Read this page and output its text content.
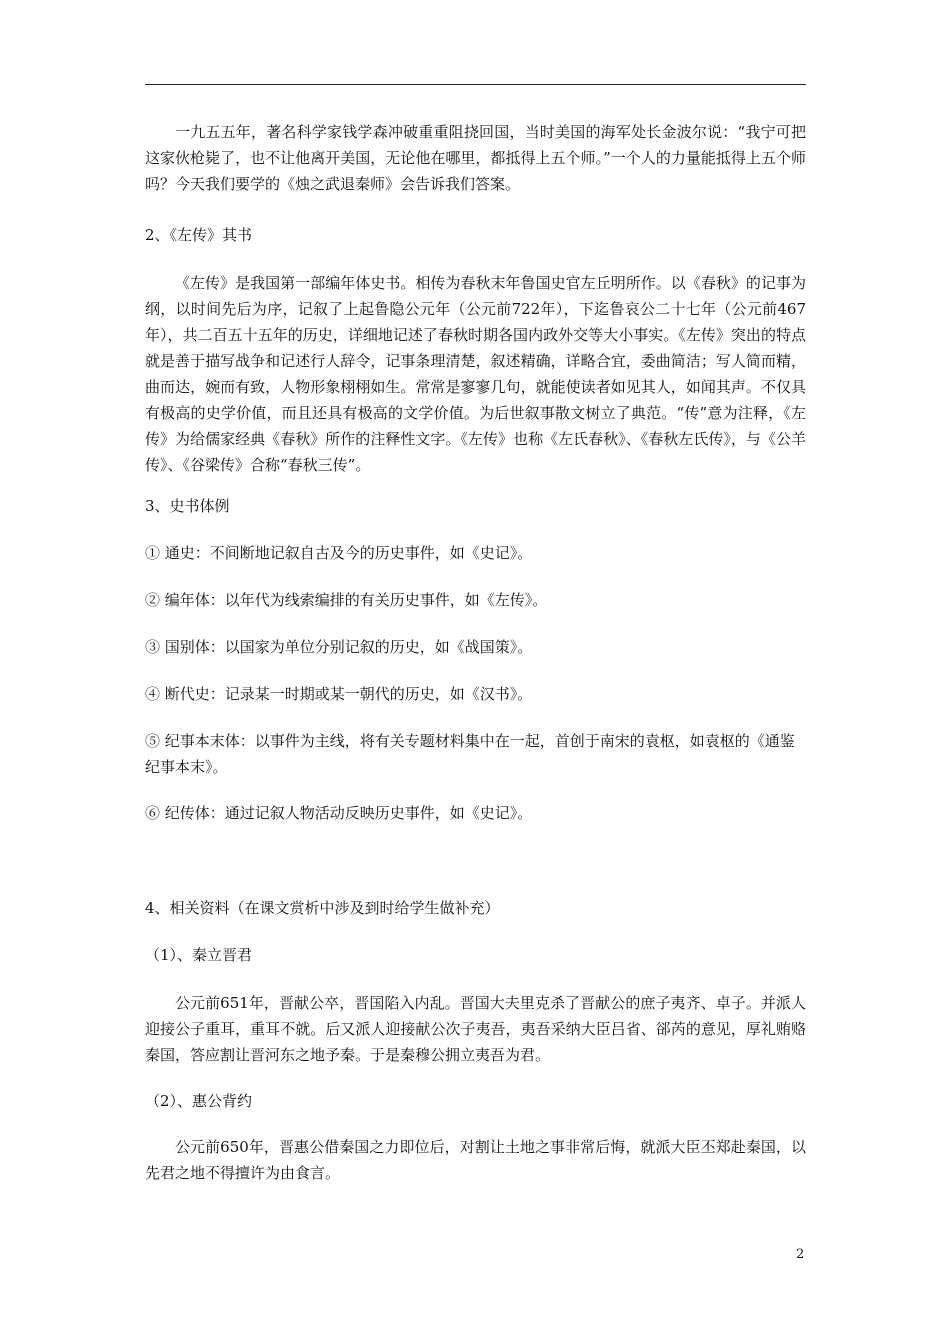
一九五五年，著名科学家钱学森冲破重重阻挠回国，当时美国的海军处长金波尔说：“我宁可把这家伙枪毙了，也不让他离开美国，无论他在哪里，都抵得上五个师。”一个人的力量能抵得上五个师吗？今天我们要学的《烛之武退秦师》会告诉我们答案。
2、《左传》其书
《左传》是我国第一部编年体史书。相传为春秋末年鲁国史官左丘明所作。以《春秋》的记事为纲，以时间先后为序，记叙了上起鲁隐公元年（公元前722年），下迄鲁哀公二十七年（公元前467年），共二百五十五年的历史，详细地记述了春秋时期各国内政外交等大小事实。《左传》突出的特点就是善于描写战争和记述行人辞令，记事条理清楚，叙述精确，详略合宜，委曲简洁；写人简而精，曲而达，婉而有致，人物形象栩栩如生。常常是寥寥几句，就能使读者如见其人，如闻其声。不仅具有极高的史学价值，而且还具有极高的文学价值。为后世叙事散文树立了典范。“传”意为注释，《左传》为给儒家经典《春秋》所作的注释性文字。《左传》也称《左氏春秋》、《春秋左氏传》，与《公羊传》、《谷梁传》合称“春秋三传”。
3、史书体例
① 通史：不间断地记叙自古及今的历史事件，如《史记》。
② 编年体：以年代为线索编排的有关历史事件，如《左传》。
③ 国别体：以国家为单位分别记叙的历史，如《战国策》。
④ 断代史：记录某一时期或某一朝代的历史，如《汉书》。
⑤ 纪事本末体：以事件为主线，将有关专题材料集中在一起，首创于南宋的袁枢，如袁枢的《通鉴纪事本末》。
⑥ 纪传体：通过记叙人物活动反映历史事件，如《史记》。
4、相关资料（在课文赏析中涉及到时给学生做补充）
（1）、秦立晋君
公元前651年，晋献公卒，晋国陷入内乱。晋国大夫里克杀了晋献公的庶子夷齐、卓子。并派人迎接公子重耳，重耳不就。后又派人迎接献公次子夷吾，夷吾采纳大臣吕省、郤芮的意见，厚礼贿赂秦国，答应割让晋河东之地予秦。于是秦穆公拥立夷吾为君。
（2）、惠公背约
公元前650年，晋惠公借秦国之力即位后，对割让土地之事非常后悔，就派大臣丕郑赴秦国，以先君之地不得擅许为由食言。
2
